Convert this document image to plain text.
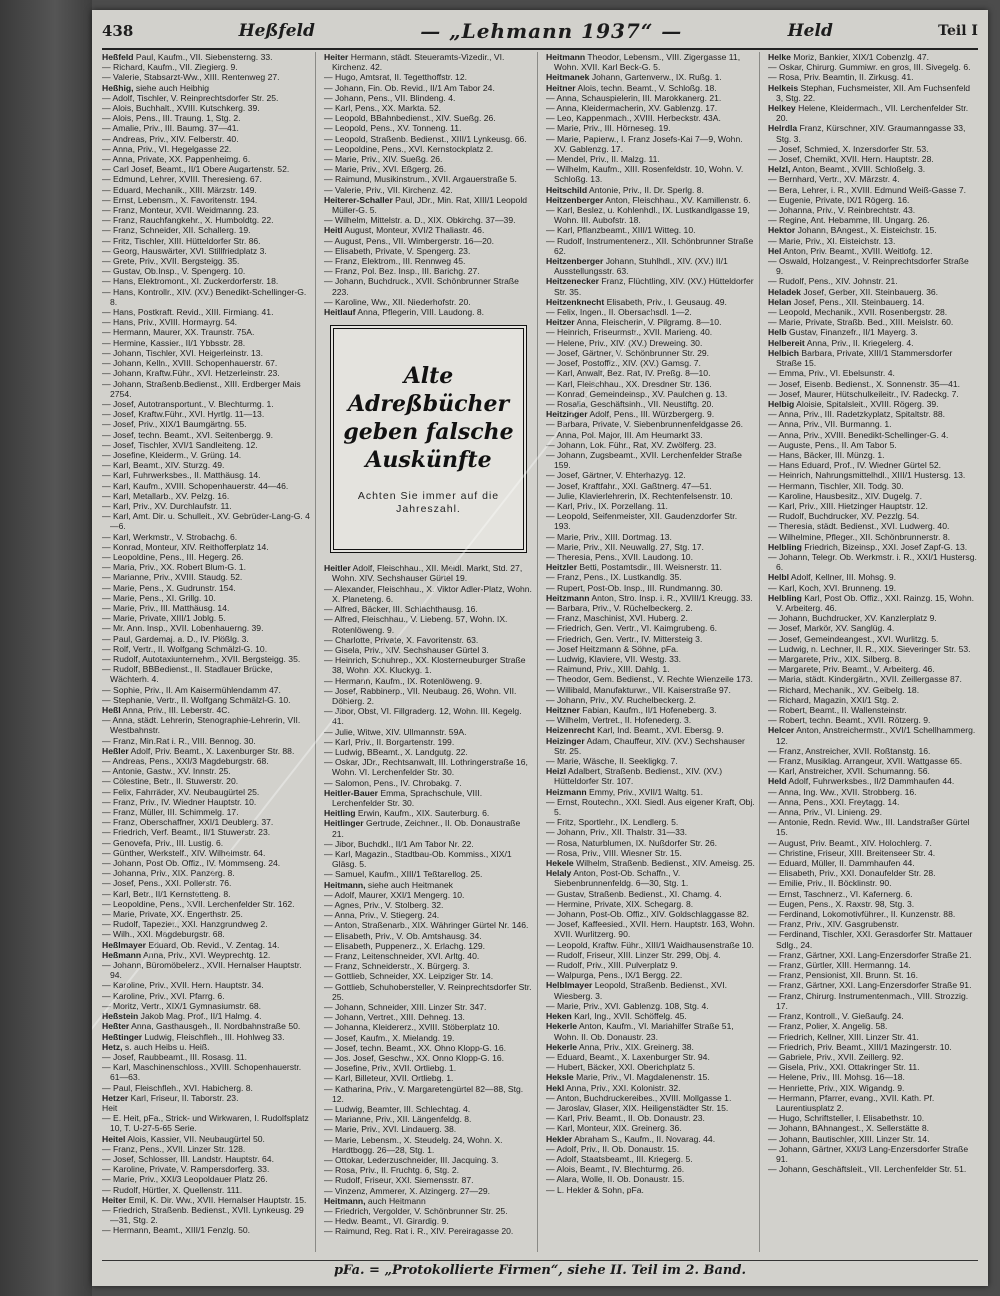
438	Heßfeld	— „Lehmann 1937“ —	Held	Teil I

Heßfeld Paul, Kaufm., VII. Siebensterng. 33.

— Richard, Kaufm., VII. Ziegierg. 9.

— Valerie, Stabsarzt-Ww., XIII. Rentenweg 27.

Heßhig, siehe auch Heibhig

— Adolf, Tischler, V. Reinprechtsdorfer Str. 25.

— Alois, Buchhalt., XVIII. Kutschkerg. 39.

— Alois, Pens., III. Traung. 1, Stg. 2.

— Amalie, Priv., III. Baumg. 37—41.

— Andreas, Priv., XIV. Felberstr. 40.

— Anna, Priv., VI. Hegelgasse 22.

— Anna, Private, XX. Pappenheimg. 6.

— Carl Josef, Beamt., II/1 Obere Augartenstr. 52.

— Edmund, Lehrer, XVIII. Theresieng. 67.

— Eduard, Mechanik., XIII. Märzstr. 149.

— Ernst, Lebensm., X. Favoritenstr. 194.

— Franz, Monteur, XVII. Weidmanng. 23.

— Franz, Rauchfangkehr., X. Humboldtg. 22.

— Franz, Schneider, XII. Schallerg. 19.

— Fritz, Tischler, XIII. Hütteldorfer Str. 86.

— Georg, Hauswärter, XVI. Stillfriedplatz 3.

— Grete, Priv., XVII. Bergsteigg. 35.

— Gustav, Ob.Insp., V. Spengerg. 10.

— Hans, Elektromont., XI. Zuckerdorferstr. 18.

— Hans, Kontrollr., XIV. (XV.) Benedikt-Schellinger-G. 8.

— Hans, Postkraft. Revid., XIII. Firmiang. 41.

— Hans, Priv., XVIII. Hormayrg. 54.

— Hermann, Maurer, XX. Traunstr. 75A.

— Hermine, Kassier., II/1 Ybbsstr. 28.

— Johann, Tischler, XVI. Heigerleinstr. 13.

— Johann, Kelln., XVIII. Schopenhauerstr. 67.

— Johann, Kraftw.Führ., XVI. Hetzerleinstr. 23.

— Johann, Straßenb.Bedienst., XIII. Erdberger Mais 2754.

— Josef, Autotransportunt., V. Blechturmg. 1.

— Josef, Kraftw.Führ., XVI. Hyrtlg. 11—13.

— Josef, Priv., XIX/1 Baumgärtng. 55.

— Josef, techn. Beamt., XVI. Seitenbergg. 9.

— Josef, Tischler, XVI/1 Sandleiteng. 12.

— Josefine, Kleiderm., V. Grüng. 14.

— Karl, Beamt., XIV. Sturzg. 49.

— Karl, Fuhrwerksbes., II. Matthäusg. 14.

— Karl, Kaufm., XVIII. Schopenhauerstr. 44—46.

— Karl, Metallarb., XV. Pelzg. 16.

— Karl, Priv., XV. Durchlaufstr. 11.

— Karl, Amt. Dir. u. Schulleit., XV. Gebrüder-Lang-G. 4—6.

— Karl, Werkmstr., V. Strobachg. 6.

— Konrad, Monteur, XIV. Reithofferplatz 14.

— Leopoldine, Pens., III. Hegerg. 26.

— Maria, Priv., XX. Robert Blum-G. 1.

— Marianne, Priv., XVIII. Staudg. 52.

— Marie, Pens., X. Gudrunstr. 154.

— Marie, Pens., XI. Grillg. 10.

— Marie, Priv., III. Matthäusg. 14.

— Marie, Private, XIII/1 Joblg. 5.

— Mr. Ann. Insp., XVII. Lobenhauerng. 39.

— Paul, Gardemaj. a. D., IV. Plößlg. 3.

— Rolf, Vertr., II. Wolfgang Schmälzl-G. 10.

— Rudolf, Autotaxiunternehm., XVII. Bergsteigg. 35.

— Rudolf, BBBedienst., II. Stadlauer Brücke, Wächterh. 4.

— Sophie, Priv., II. Am Kaisermühlendamm 47.

— Stephanie, Vertr., II. Wolfgang Schmälzl-G. 10.

Heßl Anna, Priv., III. Leberstr. 4C.

— Anna, städt. Lehrerin, Stenographie-Lehrerin, VII. Westbahnstr.

— Franz, Min.Rat i. R., VIII. Bennog. 30.

Heßler Adolf, Priv. Beamt., X. Laxenburger Str. 88.

— Andreas, Pens., XXI/3 Magdeburgstr. 68.

— Antonie, Gastw., XV. Innstr. 25.

— Cölestine, Betr., II. Stuwerstr. 20.

— Felix, Fahrräder, XV. Neubaugürtel 25.

— Franz, Priv., IV. Wiedner Hauptstr. 10.

— Franz, Müller, III. Schimmelg. 17.

— Franz, Oberschaffner, XXI/1 Deublerg. 37.

— Friedrich, Verf. Beamt., II/1 Stuwerstr. 23.

— Genovefa, Priv., III. Lustig. 6.

— Günther, Werkstelf., XIV. Wilhelmstr. 64.

— Johann, Post Ob. Offiz., IV. Mommseng. 24.

— Johanna, Priv., XIX. Panzerg. 8.

— Josef, Pens., XXI. Pollerstr. 76.

— Karl, Betr., II/1 Kernstetteng. 8.

— Leopoldine, Pens., XVII. Lerchenfelder Str. 162.

— Marie, Private, XX. Engerthstr. 25.

— Rudolf, Tapezier., XXI. Hanzgrundweg 2.

— Wilh., XXI. Magdeburgstr. 68.

Heßlmayer Eduard, Ob. Revid., V. Zentag. 14.

Heßmann Anna, Priv., XVI. Weyprechtg. 12.

— Johann, Büromöbelerz., XVII. Hernalser Hauptstr. 94.

— Karoline, Priv., XVII. Hern. Hauptstr. 34.

— Karoline, Priv., XVI. Pfarrg. 6.

— Moritz, Vertr., XIX/1 Gymnasiumstr. 68.

Heßstein Jakob Mag. Prof., II/1 Halmg. 4.

Heßter Anna, Gasthausgeh., II. Nordbahnstraße 50.

Heßtinger Ludwig, Fleischfleh., III. Hohlweg 33.

Hetz, s. auch Heibs u. Heiß.

— Josef, Raubbeamt., III. Rosasg. 11.

— Karl, Maschinenschloss., XVIII. Schopenhauerstr. 61—63.

— Paul, Fleischfleh., XVI. Habicherg. 8.

Hetzer Karl, Friseur, II. Taborstr. 23.

Heit

— E. Heit, pFa., Strick- und Wirkwaren, I. Rudolfsplatz 10, T. U-27-5-65 Serie.

Heitel Alois, Kassier, VII. Neubaugürtel 50.

— Franz, Pens., XVII. Linzer Str. 128.

— Josef, Schlosser, III. Landstr. Hauptstr. 64.

— Karoline, Private, V. Rampersdorferg. 33.

— Marie, Priv., XXI/3 Leopoldauer Platz 26.

— Rudolf, Hürtler, X. Quellenstr. 111.

Heiter Emil, K. Dir. Ww., XVII. Hernalser Hauptstr. 15.

— Friedrich, Straßenb. Bedienst., XVII. Lynkeusg. 29—31, Stg. 2.

— Hermann, Beamt., XIII/1 Fenzlg. 50.

Heiter Hermann, städt. Steueramts-Vizedir., VI. Kirchenz. 42.

— Hugo, Amtsrat, II. Tegetthoffstr. 12.

— Johann, Fin. Ob. Revid., II/1 Am Tabor 24.

— Johann, Pens., VII. Blindeng. 4.

— Karl, Pens., XX. Markta. 52.

— Leopold, BBahnbedienst., XIV. Sueßg. 26.

— Leopold, Pens., XV. Tonneng. 11.

— Leopold, Straßenb. Bedienst., XIII/1 Lynkeusg. 66.

— Leopoldine, Pens., XVI. Kernstockplatz 2.

— Marie, Priv., XIV. Sueßg. 26.

— Marie, Priv., XVI. Eßgerg. 26.

— Raimund, Musikinstrum., XVII. Argauerstraße 5.

— Valerie, Priv., VII. Kirchenz. 42.

Heiterer-Schaller Paul, JDr., Min. Rat, XIII/1 Leopold Müller-G. 5.

— Wilhelm, Mittelstr. a. D., XIX. Obkirchg. 37—39.

Heitl August, Monteur, XVI/2 Thaliastr. 46.

— August, Pens., VII. Wimbergerstr. 16—20.

— Elisabeth, Private, V. Spengerg. 23.

— Franz, Elektrom., III. Rennweg 45.

— Franz, Pol. Bez. Insp., III. Barichg. 27.

— Johann, Buchdruck., XVII. Schönbrunner Straße 223.

— Karoline, Ww., XII. Niederhofstr. 20.

Heitlauf Anna, Pflegerin, VIII. Laudong. 8.

Alte Adreßbücher geben falsche Auskünfte
Achten Sie immer auf die Jahreszahl.

Heitler Adolf, Fleischhau., XII. Meidl. Markt, Std. 27, Wohn. XIV. Sechshauser Gürtel 19.

— Alexander, Fleischhau., X. Viktor Adler-Platz, Wohn. X. Planeteng. 6.

— Alfred, Bäcker, III. Schlachthausg. 16.

— Alfred, Fleischhau., V. Liebeng. 57, Wohn. IX. Rotenlöweng. 9.

— Charlotte, Private, X. Favoritenstr. 63.

— Gisela, Priv., XIV. Sechshauser Gürtel 3.

— Heinrich, Schuhrep., XX. Klosterneuburger Straße 38, Wohn. XX. Kluckyg. 1.

— Hermann, Kaufm., IX. Rotenlöweng. 9.

— Josef, Rabbinerp., VII. Neubaug. 26, Wohn. VII. Döblerg. 2.

— Jibor, Obst, VI. Fillgraderg. 12, Wohn. III. Kegelg. 41.

— Julie, Witwe, XIV. Ullmannstr. 59A.

— Karl, Priv., II. Borgartenstr. 199.

— Ludwig, BBeamt., X. Landgutg. 22.

— Oskar, JDr., Rechtsanwalt, III. Lothringerstraße 16, Wohn. VI. Lerchenfelder Str. 30.

— Salomon, Pens., IV. Chrobakg. 7.

Heitler-Bauer Emma, Sprachschule, VIII. Lerchenfelder Str. 30.

Heitling Erwin, Kaufm., XIX. Sauterburg. 6.

Heitlinger Gertrude, Zeichner., II. Ob. Donaustraße 21.

— Jibor, Buchdkl., II/1 Am Tabor Nr. 22.

— Karl, Magazin., Stadtbau-Ob. Kommiss., XIX/1 Gläsg. 5.

— Samuel, Kaufm., XIII/1 Teßtarellog. 25.

Heitmann, siehe auch Heitmanek

— Adolf, Maurer, XXI/1 Mengerg. 10.

— Agnes, Priv., V. Stolberg. 32.

— Anna, Priv., V. Stiegerg. 24.

— Anton, Straßenarb., XIX. Währinger Gürtel Nr. 146.

— Elisabeth, Priv., V. Ob. Amtshausg. 34.

— Elisabeth, Puppenerz., X. Erlachg. 129.

— Franz, Leitenschneider, XVI. Arltg. 40.

— Franz, Schneiderstr., X. Bürgerg. 3.

— Gottlieb, Schneider, XX. Leipziger Str. 14.

— Gottlieb, Schuhobersteller, V. Reinprechtsdorfer Str. 25.

— Johann, Schneider, XIII. Linzer Str. 347.

— Johann, Vertret., XIII. Dehneg. 13.

— Johanna, Kleidererz., XVIII. Stöberplatz 10.

— Josef, Kaufm., X. Mielandg. 19.

— Josef, techn. Beamt., XX. Ohno Klopp-G. 16.

— Jos. Josef, Geschw., XX. Onno Klopp-G. 16.

— Josefine, Priv., XVII. Ortliebg. 1.

— Karl, Billeteur, XVII. Ortliebg. 1.

— Katharina, Priv., V. Margaretengürtel 82—88, Stg. 12.

— Ludwig, Beamter, III. Schlechtag. 4.

— Marianne, Priv., XII. Längenfeldg. 8.

— Marie, Priv., XVI. Lindauerg. 38.

— Marie, Lebensm., X. Steudelg. 24, Wohn. X. Hardtbogg. 26—28, Stg. 1.

— Ottokar, Lederzuschneider, III. Jacquing. 3.

— Rosa, Priv., II. Fruchtg. 6, Stg. 2.

— Rudolf, Friseur, XXI. Siemensstr. 87.

— Vinzenz, Ammerer, X. Alzingerg. 27—29.

Heitmann, auch Heitmann

— Friedrich, Vergolder, V. Schönbrunner Str. 25.

— Hedw. Beamt., VI. Girardig. 9.

— Raimund, Reg. Rat i. R., XIV. Pereiragasse 20.

Heitmann Theodor, Lebensm., VIII. Zigergasse 11, Wohn. XVII. Karl Beck-G. 5.

Heitmanek Johann, Gartenverw., IX. Rußg. 1.

Heitner Alois, techn. Beamt., V. Schloßg. 18.

— Anna, Schauspielerin, III. Marokkanerg. 21.

— Anna, Kleidermacherin, XV. Gablenzg. 17.

— Leo, Kappenmach., XVIII. Herbeckstr. 43A.

— Marie, Priv., III. Hörneseg. 19.

— Marie, Papierw., I. Franz Josefs-Kai 7—9, Wohn. XV. Gablenzg. 17.

— Mendel, Priv., II. Malzg. 11.

— Wilhelm, Kaufm., XIII. Rosenfeldstr. 10, Wohn. V. Schloßg. 13.

Heitschild Antonie, Priv., II. Dr. Sperlg. 8.

Heitzenberger Anton, Fleischhau., XV. Kamillenstr. 6.

— Karl, Beslez, u. Kohlenhdl., IX. Lustkandlgasse 19, Wohn. III. Aubofstr. 18.

— Karl, Pflanzbeamt., XIII/1 Witteg. 10.

— Rudolf, Instrumentenerz., XII. Schönbrunner Straße 62.

Heitzenberger Johann, Stuhlhdl., XIV. (XV.) II/1 Ausstellungsstr. 63.

Heitzenecker Franz, Flüchtling, XIV. (XV.) Hütteldorfer Str. 35.

Heitzenknecht Elisabeth, Priv., I. Geusaug. 49.

— Felix, Ingen., II. Obersachsdl. 1—2.

Heitzer Anna, Fleischerin, V. Pilgramg. 8—10.

— Heinrich, Friseurmstr., XVII. Marieng. 40.

— Helene, Priv., XIV. (XV.) Dreweing. 30.

— Josef, Gärtner, V. Schönbrunner Str. 29.

— Josef, Postoffiz., XIV. (XV.) Gamsg. 7.

— Karl, Anwalt, Bez. Rat, IV. Preßg. 8—10.

— Karl, Fleischhau., XX. Dresdner Str. 136.

— Konrad, Gemeindeinsp., XV. Paulchen g. 13.

— Rosalia, Geschäftsinh., VII. Neustiftg. 20.

Heitzinger Adolf, Pens., III. Würzbergerg. 9.

— Barbara, Private, V. Siebenbrunnenfeldgasse 26.

— Anna, Pol. Major, III. Am Heumarkt 33.

— Johann, Lok. Führ., Rat, XV. Zwölferg. 23.

— Johann, Zugsbeamt., XVII. Lerchenfelder Straße 159.

— Josef, Gärtner, V. Ehterhazyg. 12.

— Josef, Kraftfahr., XXI. Gaßtnerg. 47—51.

— Julie, Klavierlehrerin, IX. Rechtenfelsenstr. 10.

— Karl, Priv., IX. Porzellang. 11.

— Leopold, Seifenmeister, XII. Gaudenzdorfer Str. 193.

— Marie, Priv., XIII. Dortmag. 13.

— Marie, Priv., XII. Neuwallg. 27, Stg. 17.

— Theresia, Pens., XVII. Laudong. 10.

Heitzler Betti, Postamtsdir., III. Weisnerstr. 11.

— Franz, Pens., IX. Lustkandlg. 35.

— Rupert, Post-Ob. Insp., III. Rundmanng. 30.

Heitzmann Anton, Stro. Insp. i. R., XVIII/1 Kreugg. 33.

— Barbara, Priv., V. Rüchelbeckerg. 2.

— Franz, Maschinist, XVI. Huberg. 2.

— Friedrich, Gen. Vertr., VI. Kaimgrubeng. 6.

— Friedrich, Gen. Vertr., IV. Mittersteig 3.

— Josef Heitzmann & Söhne, pFa.

— Ludwig, Klaviere, VII. Westg. 33.

— Raimund, Priv., XIII. Dahlg. 1.

— Theodor, Gem. Bedienst., V. Rechte Wienzeile 173.

— Willibald, Manufakturwr., VII. Kaiserstraße 97.

— Johann, Priv., XV. Ruchelbeckerg. 2.

Heitzner Fabian, Kaufm., II/1 Hofeneberg. 3.

— Wilhelm, Vertret., II. Hofenederg. 3.

Heizenrecht Karl, Ind. Beamt., XVI. Ebersg. 9.

Heizinger Adam, Chauffeur, XIV. (XV.) Sechshauser Str. 25.

— Marie, Wäsche, II. Seekligkg. 7.

Heizl Adalbert, Straßenb. Bedienst., XIV. (XV.) Hütteldorfer Str. 107.

Heizmann Emmy, Priv., XVII/1 Waltg. 51.

— Ernst, Routechn., XXI. Siedl. Aus eigener Kraft, Obj. 5.

— Fritz, Sportlehr., IX. Lendlerg. 5.

— Johann, Priv., XII. Thalstr. 31—33.

— Rosa, Naturblumen, IX. Nußdorfer Str. 26.

— Rosa, Priv., VIII. Wiesner Str. 15.

Hekele Wilhelm, Straßenb. Bedienst., XIV. Ameisg. 25.

Helaly Anton, Post-Ob. Schaffn., V. Siebenbrunnenfeldg. 6—30, Stg. 1.

— Gustav, Straßenb. Bedienst., XI. Chamg. 4.

— Hermine, Private, XIX. Schegarg. 8.

— Johann, Post-Ob. Offiz., XIV. Goldschlaggasse 82.

— Josef, Kaffeesied., XVII. Hern. Hauptstr. 163, Wohn. XVII. Wurlitzerg. 90.

— Leopold, Kraftw. Führ., XIII/1 Waidhausenstraße 10.

— Rudolf, Friseur, XIII. Linzer Str. 299, Obj. 4.

— Rudolf, Priv., XIII. Pulverplatz 9.

— Walpurga, Pens., IX/1 Bergg. 22.

Helblmayer Leopold, Straßenb. Bedienst., XVI. Wiesberg. 3.

— Marie, Priv., XVI. Gablenzg. 108, Stg. 4.

Heken Karl, Ing., XVII. Schöffelg. 45.

Hekerle Anton, Kaufm., VI. Mariahilfer Straße 51, Wohn. II. Ob. Donaustr. 23.

Hekerle Anna, Priv., XIX. Greinerg. 38.

— Eduard, Beamt., X. Laxenburger Str. 94.

— Hubert, Bäcker, XXI. Oberichplatz 5.

Heksle Marie, Priv., VI. Magdalenenstr. 15.

Hekl Anna, Priv., XXI. Kolonistr. 32.

— Anton, Buchdruckereibes., XVIII. Mollgasse 1.

— Jaroslav, Glaser, XIX. Heiligenstädter Str. 15.

— Karl, Priv. Beamt., II. Ob. Donaustr. 23.

— Karl, Monteur, XIX. Greinerg. 36.

Hekler Abraham S., Kaufm., II. Novarag. 44.

— Adolf, Priv., II. Ob. Donaustr. 15.

— Adolf, Staatsbeamt., III. Kriegerg. 5.

— Alois, Beamt., IV. Blechturmg. 26.

— Alara, Wolle, II. Ob. Donaustr. 15.

— L. Hekler & Sohn, pFa.

Helke Moriz, Bankier, XIX/1 Cobenzlg. 47.

— Oskar, Chirurg. Gummiwr. en gros, III. Sivegelg. 6.

— Rosa, Priv. Beamtin, II. Zirkusg. 41.

Helkeis Stephan, Fuchsmeister, XII. Am Fuchsenfeld 3, Stg. 22.

Helkey Helene, Kleidermach., VII. Lerchenfelder Str. 20.

Helrdla Franz, Kürschner, XIV. Graumanngasse 33, Stg. 3.

— Josef, Schmied, X. Inzersdorfer Str. 53.

— Josef, Chemikt, XVII. Hern. Hauptstr. 28.

Helzl, Anton, Beamt., XVIII. Schloßelg. 3.

— Bernhard, Vertr., XV. Märzstr. 4.

— Bera, Lehrer, i. R., XVIII. Edmund Weiß-Gasse 7.

— Eugenie, Private, IX/1 Rögerg. 16.

— Johanna, Priv., V. Reinbrechtstr. 43.

— Regine, Ant. Hebamme, III. Ungarg. 26.

Hektor Johann, BAngest., X. Eisteichstr. 15.

— Marie, Priv., XI. Eisteichstr. 13.

Hel Anton, Priv. Beamt., XVIII. Weitlofg. 12.

— Oswald, Holzangest., V. Reinprechtsdorfer Straße 9.

— Rudolf, Pens., XIV. Johnstr. 21.

Heladek Josef, Gerber, XII. Steinbauerg. 36.

Helan Josef, Pens., XII. Steinbauerg. 14.

— Leopold, Mechanik., XVII. Rosenbergstr. 28.

— Marie, Private, Straßb. Bed., XIII. Meislstr. 60.

Helb Gustav, Finanzefr., II/1 Mayerg. 3.

Helbereit Anna, Priv., II. Kriegelerg. 4.

Helbich Barbara, Private, XIII/1 Stammersdorfer Straße 15.

— Emma, Priv., VI. Ebelsunstr. 4.

— Josef, Eisenb. Bedienst., X. Sonnenstr. 35—41.

— Josef, Maurer, Hütschulkeileitr., IV. Radeckg. 7.

Helbig Aloisie, Spitalsleit., XVIII. Rögerg. 39.

— Anna, Priv., III. Radetzkyplatz, Spitaltstr. 88.

— Anna, Priv., VII. Burmanng. 1.

— Anna, Priv., XVIII. Benedikt-Schellinger-G. 4.

— Auguste, Pens., II. Am Tabor 5.

— Hans, Bäcker, III. Münzg. 1.

— Hans Eduard, Prof., IV. Wiedner Gürtel 52.

— Heinrich, Nahrungsmittelhdl., XIII/1 Hustersg. 13.

— Hermann, Tischler, XII. Todg. 30.

— Karoline, Hausbesitz., XIV. Dugelg. 7.

— Karl, Priv., XIII. Hietzinger Hauptstr. 12.

— Rudolf, Buchdrucker, XV. Pezzlg. 54.

— Theresia, städt. Bedienst., XVI. Ludwerg. 40.

— Wilhelmine, Pfleger., XII. Schönbrunnerstr. 8.

Helbling Friedrich, Bizeinsp., XXI. Josef Zapf-G. 13.

— Johann, Telegr. Ob. Werkmstr. i. R., XXI/1 Hustersg. 6.

Helbl Adolf, Kellner, III. Mohsg. 9.

— Karl, Koch, XVI. Brunneng. 19.

Helbling Karl, Post Ob. Offiz., XXI. Rainzg. 15, Wohn. V. Arbeiterg. 46.

— Johann, Buchdrucker, XV. Kanzlerplatz 9.

— Josef, Markör, XV. Sanglüg. 4.

— Josef, Gemeindeangest., XVI. Wurlitzg. 5.

— Ludwig, n. Lechner, II. R., XIX. Sieveringer Str. 53.

— Margarete, Priv., XIX. Silberg. 8.

— Margarete, Priv. Beamt., V. Arbeiterg. 46.

— Maria, städt. Kindergärtn., XVII. Zeillergasse 87.

— Richard, Mechanik., XV. Geibelg. 18.

— Richard, Magazin, XXI/1 Stg. 2.

— Robert, Beamt., II. Wallensteinstr.

— Robert, techn. Beamt., XVII. Rötzerg. 9.

Helcer Anton, Anstreichermstr., XVI/1 Schellhammerg. 12.

— Franz, Anstreicher, XVII. Roßtanstg. 16.

— Franz, Musiklag. Arrangeur, XVII. Wattgasse 65.

— Karl, Anstreicher, XVII. Schumanng. 56.

Held Adolf, Fuhrwerksbes., II/2 Dammhaufen 44.

— Anna, Ing. Ww., XVII. Strobberg. 16.

— Anna, Pens., XXI. Freytagg. 14.

— Anna, Priv., VI. Linieng. 29.

— Antonie, Redn. Revid. Ww., III. Landstraßer Gürtel 15.

— August, Priv. Beamt., XIV. Holochlerg. 7.

— Christine, Friseur, XIII. Breitenseer Str. 4.

— Eduard, Müller, II. Dammhaufen 44.

— Elisabeth, Priv., XXI. Donaufelder Str. 28.

— Emilie, Priv., II. Böcklinstr. 90.

— Ernst, Taschnerz., VI. Kafernerg. 6.

— Eugen, Pens., X. Raxstr. 98, Stg. 3.

— Ferdinand, Lokomotivführer., II. Kunzenstr. 88.

— Franz, Priv., XIV. Gasgrubenstr.

— Ferdinand, Tischler, XXI. Gerasdorfer Str. Mattauer Sdlg., 24.

— Franz, Gärtner, XXI. Lang-Enzersdorfer Straße 21.

— Franz, Gürtler, XIII. Hermanng. 14.

— Franz, Pensionist, XII. Brunn. St. 16.

— Franz, Gärtner, XXI. Lang-Enzersdorfer Straße 91.

— Franz, Chirurg. Instrumentenmach., VIII. Strozzig. 17.

— Franz, Kontroll., V. Gießaufg. 24.

— Franz, Polier, X. Angelig. 58.

— Friedrich, Kellner, XIII. Linzer Str. 41.

— Friedrich, Priv. Beamt., XIII/1 Mazingerstr. 10.

— Gabriele, Priv., XVII. Zeillerg. 92.

— Gisela, Priv., XXI. Ottakringer Str. 11.

— Helene, Priv., III. Mohsg. 16—18.

— Henriette, Priv., XIX. Wigandg. 9.

— Hermann, Pfarrer, evang., XVII. Kath. Pf. Laurentiusplatz 2.

— Hugo, Schriftsteller, I. Elisabethstr. 10.

— Johann, BAhnangest., X. Sellerstätte 8.

— Johann, Bautischler, XIII. Linzer Str. 14.

— Johann, Gärtner, XXI/3 Lang-Enzersdorfer Straße 91.

— Johann, Geschäftsleit., VII. Lerchenfelder Str. 51.

pFa. = „Protokollierte Firmen“, siehe II. Teil im 2. Band.
